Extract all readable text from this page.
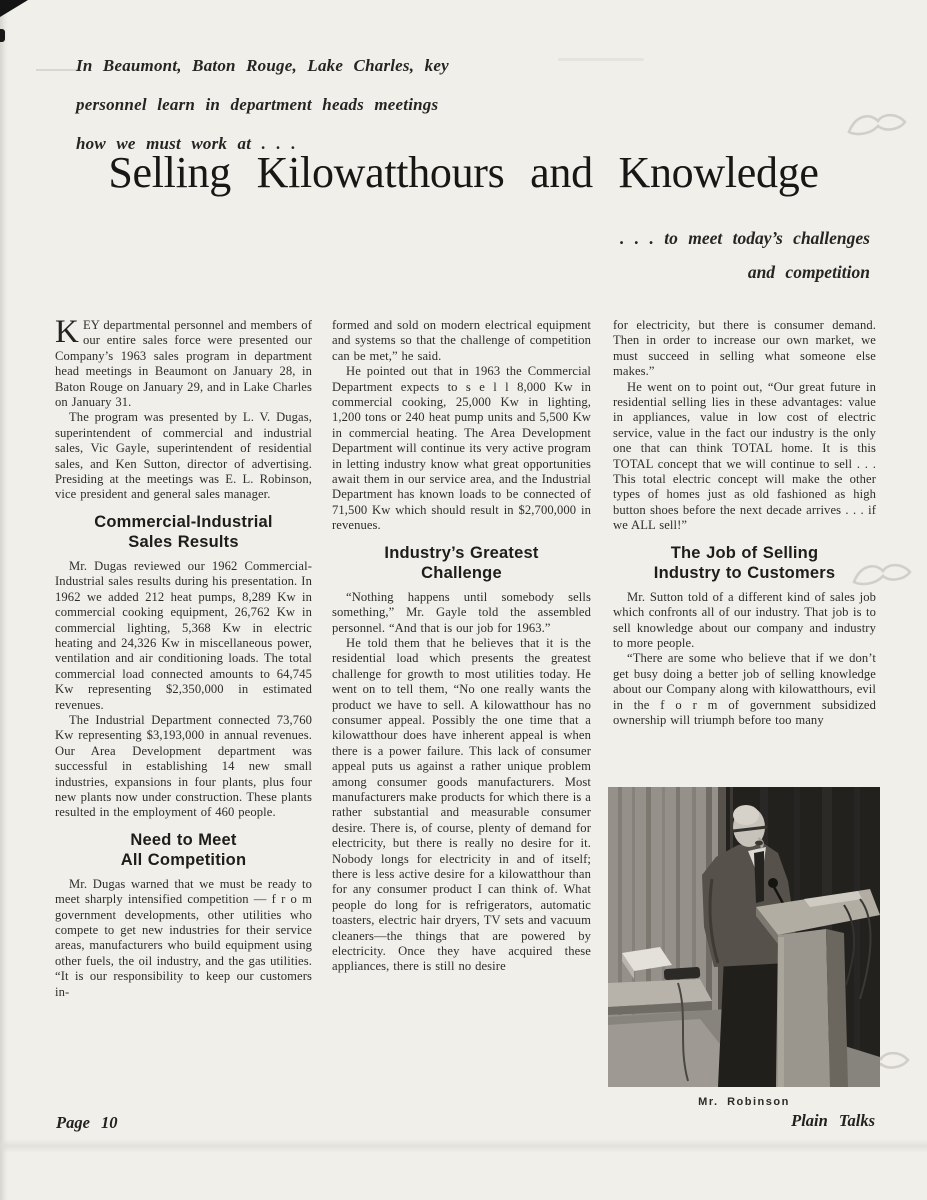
In Beaumont, Baton Rouge, Lake Charles, key
personnel learn in department heads meetings
how we must work at . . .
Selling Kilowatthours and Knowledge
. . . to meet today’s challenges
and competition

KEY departmental personnel and members of our entire sales force were presented our Company’s 1963 sales program in department head meetings in Beaumont on January 28, in Baton Rouge on January 29, and in Lake Charles on January 31.

The program was presented by L. V. Dugas, superintendent of commercial and industrial sales, Vic Gayle, superintendent of residential sales, and Ken Sutton, director of advertising. Presiding at the meetings was E. L. Robinson, vice president and general sales manager.

Commercial-Industrial
Sales Results

Mr. Dugas reviewed our 1962 Commercial-Industrial sales results during his presentation. In 1962 we added 212 heat pumps, 8,289 Kw in commercial cooking equipment, 26,762 Kw in commercial lighting, 5,368 Kw in electric heating and 24,326 Kw in miscellaneous power, ventilation and air conditioning loads. The total commercial load connected amounts to 64,745 Kw representing $2,350,000 in estimated revenues.

The Industrial Department connected 73,760 Kw representing $3,193,000 in annual revenues. Our Area Development department was successful in establishing 14 new small industries, expansions in four plants, plus four new plants now under construction. These plants resulted in the employment of 460 people.

Need to Meet
All Competition

Mr. Dugas warned that we must be ready to meet sharply intensified competition — f r o m government developments, other utilities who compete to get new industries for their service areas, manufacturers who build equipment using other fuels, the oil industry, and the gas utilities. “It is our responsibility to keep our customers in-

formed and sold on modern electrical equipment and systems so that the challenge of competition can be met,” he said.

He pointed out that in 1963 the Commercial Department expects to s e l l 8,000 Kw in commercial cooking, 25,000 Kw in lighting, 1,200 tons or 240 heat pump units and 5,500 Kw in commercial heating. The Area Development Department will continue its very active program in letting industry know what great opportunities await them in our service area, and the Industrial Department has known loads to be connected of 71,500 Kw which should result in $2,700,000 in revenues.

Industry’s Greatest
Challenge

“Nothing happens until somebody sells something,” Mr. Gayle told the assembled personnel. “And that is our job for 1963.”

He told them that he believes that it is the residential load which presents the greatest challenge for growth to most utilities today. He went on to tell them, “No one really wants the product we have to sell. A kilowatthour has no consumer appeal. Possibly the one time that a kilowatthour does have inherent appeal is when there is a power failure. This lack of consumer appeal puts us against a rather unique problem among consumer goods manufacturers. Most manufacturers make products for which there is a rather substantial and measurable consumer desire. There is, of course, plenty of demand for electricity, but there is really no desire for it. Nobody longs for electricity in and of itself; there is less active desire for a kilowatthour than for any consumer product I can think of. What people do long for is refrigerators, automatic toasters, electric hair dryers, TV sets and vacuum cleaners—the things that are powered by electricity. Once they have acquired these appliances, there is still no desire

for electricity, but there is consumer demand. Then in order to increase our own market, we must succeed in selling what someone else makes.”

He went on to point out, “Our great future in residential selling lies in these advantages: value in appliances, value in low cost of electric service, value in the fact our industry is the only one that can think TOTAL home. It is this TOTAL concept that we will continue to sell . . . This total electric concept will make the other types of homes just as old fashioned as high button shoes before the next decade arrives . . . if we ALL sell!”

The Job of Selling
Industry to Customers

Mr. Sutton told of a different kind of sales job which confronts all of our industry. That job is to sell knowledge about our company and industry to more people.

“There are some who believe that if we don’t get busy doing a better job of selling knowledge about our Company along with kilowatthours, evil in the f o r m of government subsidized ownership will triumph before too many

Mr. Robinson
Page 10	Plain Talks
